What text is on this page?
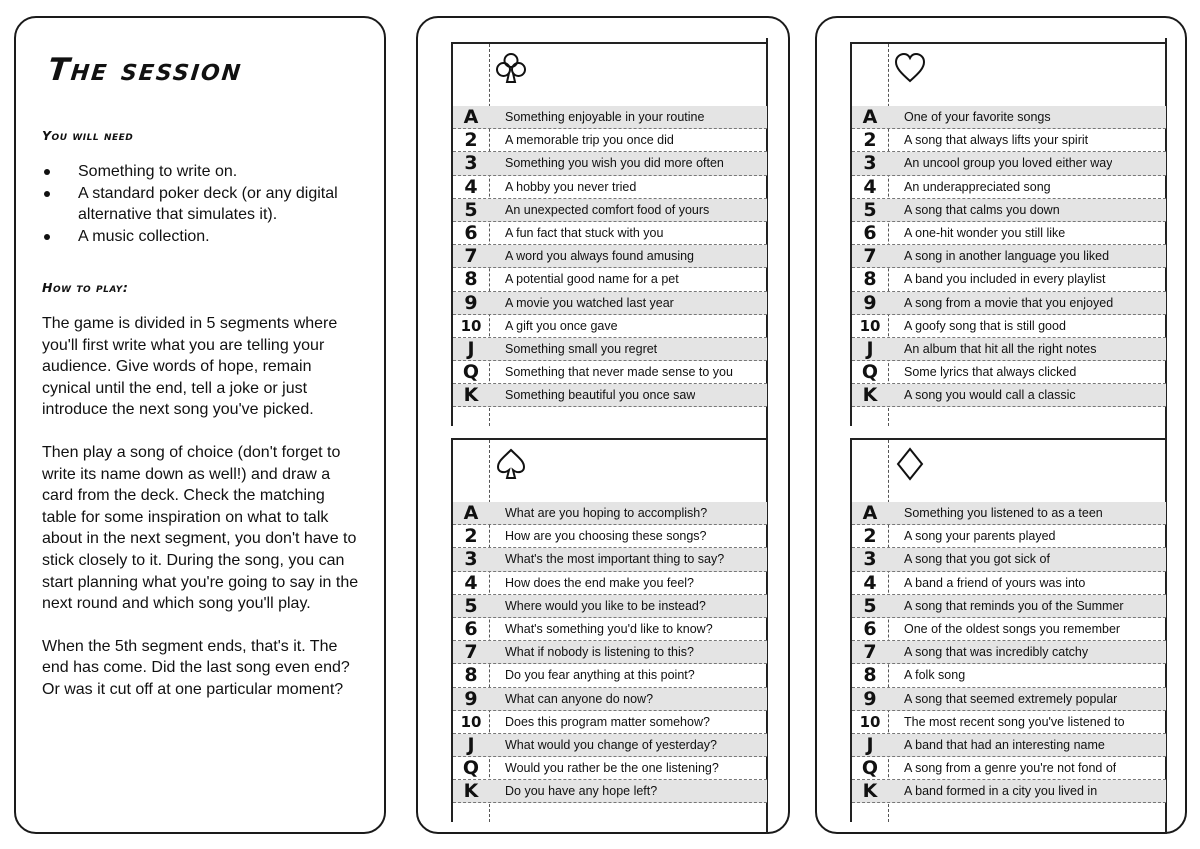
The session
You will need
Something to write on.
A standard poker deck (or any digital alternative that simulates it).
A music collection.
How to play:

The game is divided in 5 segments where you'll first write what you are telling your audience. Give words of hope, remain cynical until the end, tell a joke or just introduce the next song you've picked.

Then play a song of choice (don't forget to write its name down as well!) and draw a card from the deck. Check the matching table for some inspiration on what to talk about in the next segment, you don't have to stick closely to it. During the song, you can start planning what you're going to say in the next round and which song you'll play.

When the 5th segment ends, that's it. The end has come. Did the last song even end? Or was it cut off at one particular moment?

A	Something enjoyable in your routine
2	A memorable trip you once did
3	Something you wish you did more often
4	A hobby you never tried
5	An unexpected comfort food of yours
6	A fun fact that stuck with you
7	A word you always found amusing
8	A potential good name for a pet
9	A movie you watched last year
10	A gift you once gave
J	Something small you regret
Q	Something that never made sense to you
K	Something beautiful you once saw
A	What are you hoping to accomplish?
2	How are you choosing these songs?
3	What's the most important thing to say?
4	How does the end make you feel?
5	Where would you like to be instead?
6	What's something you'd like to know?
7	What if nobody is listening to this?
8	Do you fear anything at this point?
9	What can anyone do now?
10	Does this program matter somehow?
J	What would you change of yesterday?
Q	Would you rather be the one listening?
K	Do you have any hope left?
A	One of your favorite songs
2	A song that always lifts your spirit
3	An uncool group you loved either way
4	An underappreciated song
5	A song that calms you down
6	A one-hit wonder you still like
7	A song in another language you liked
8	A band you included in every playlist
9	A song from a movie that you enjoyed
10	A goofy song that is still good
J	An album that hit all the right notes
Q	Some lyrics that always clicked
K	A song you would call a classic
A	Something you listened to as a teen
2	A song your parents played
3	A song that you got sick of
4	A band a friend of yours was into
5	A song that reminds you of the Summer
6	One of the oldest songs you remember
7	A song that was incredibly catchy
8	A folk song
9	A song that seemed extremely popular
10	The most recent song you've listened to
J	A band that had an interesting name
Q	A song from a genre you're not fond of
K	A band formed in a city you lived in
